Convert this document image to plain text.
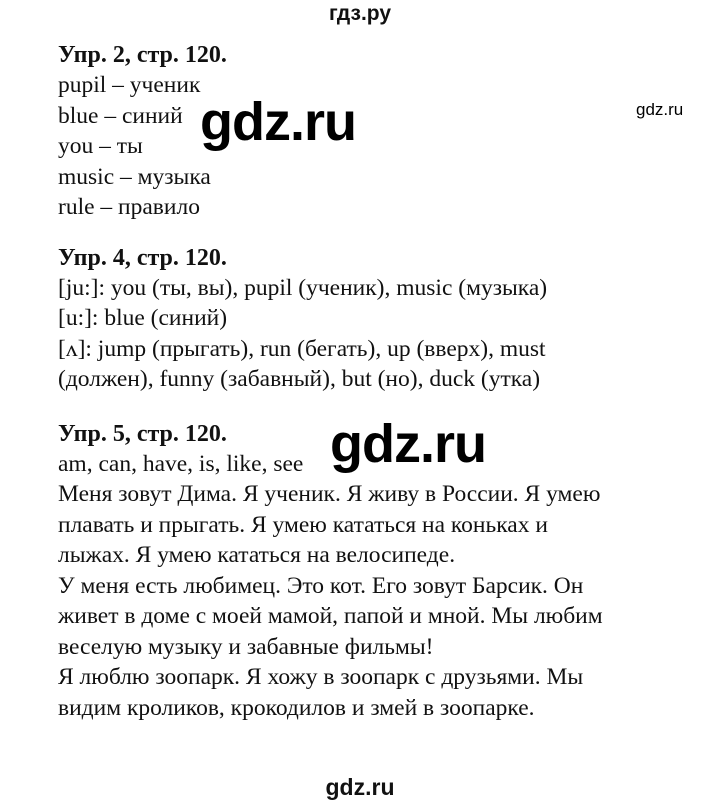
гдз.ру

Упр. 2, стр. 120.

pupil – ученик

blue – синий

you – ты

music – музыка

rule – правило

Упр. 4, стр. 120.

[ju:]: you (ты, вы), pupil (ученик), music (музыка)

[u:]: blue (синий)

[ʌ]: jump (прыгать), run (бегать), up (вверх), must

(должен), funny (забавный), but (но), duck (утка)

Упр. 5, стр. 120.

am, can, have, is, like, see

Меня зовут Дима. Я ученик. Я живу в России. Я умею

плавать и прыгать. Я умею кататься на коньках и

лыжах. Я умею кататься на велосипеде.

У меня есть любимец. Это кот. Его зовут Барсик. Он

живет в доме с моей мамой, папой и мной. Мы любим

веселую музыку и забавные фильмы!

Я люблю зоопарк. Я хожу в зоопарк с друзьями. Мы

видим кроликов, крокодилов и змей в зоопарке.

gdz.ru
gdz.ru
gdz.ru
gdz.ru
